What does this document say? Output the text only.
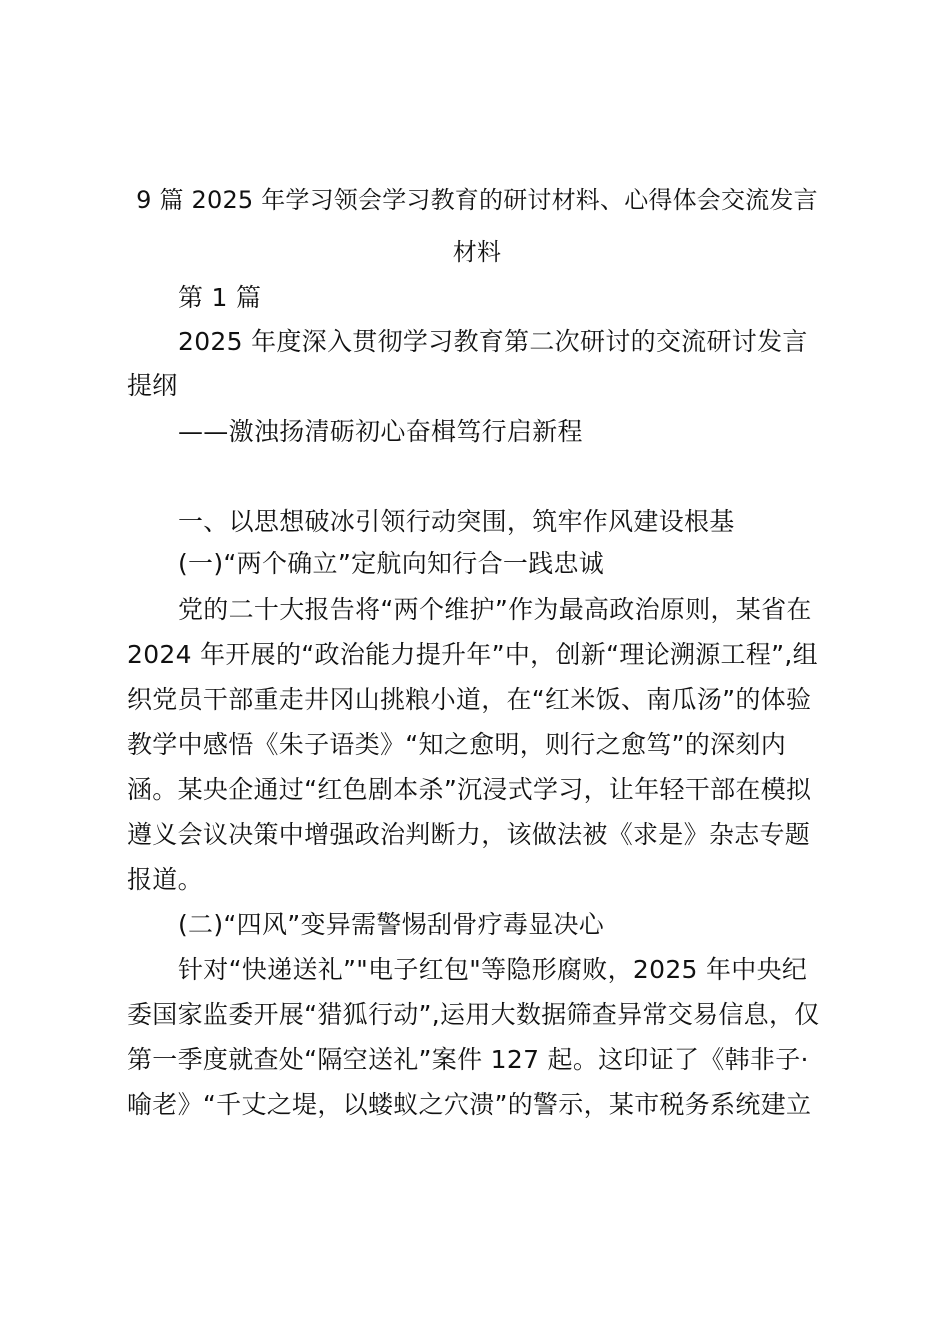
9 篇 2025 年学习领会学习教育的研讨材料、心得体会交流发言
材料
第 1 篇
2025 年度深入贯彻学习教育第二次研讨的交流研讨发言
提纲
——激浊扬清砺初心奋楫笃行启新程
一、以思想破冰引领行动突围，筑牢作风建设根基
(一)“两个确立”定航向知行合一践忠诚
党的二十大报告将“两个维护”作为最高政治原则，某省在
2024 年开展的“政治能力提升年”中，创新“理论溯源工程”,组
织党员干部重走井冈山挑粮小道，在“红米饭、南瓜汤”的体验
教学中感悟《朱子语类》“知之愈明，则行之愈笃”的深刻内
涵。某央企通过“红色剧本杀”沉浸式学习，让年轻干部在模拟
遵义会议决策中增强政治判断力，该做法被《求是》杂志专题
报道。
(二)“四风”变异需警惕刮骨疗毒显决心
针对“快递送礼”"电子红包"等隐形腐败，2025 年中央纪
委国家监委开展“猎狐行动”,运用大数据筛查异常交易信息，仅
第一季度就查处“隔空送礼”案件 127 起。这印证了《韩非子·
喻老》“千丈之堤，以蝼蚁之穴溃”的警示，某市税务系统建立
